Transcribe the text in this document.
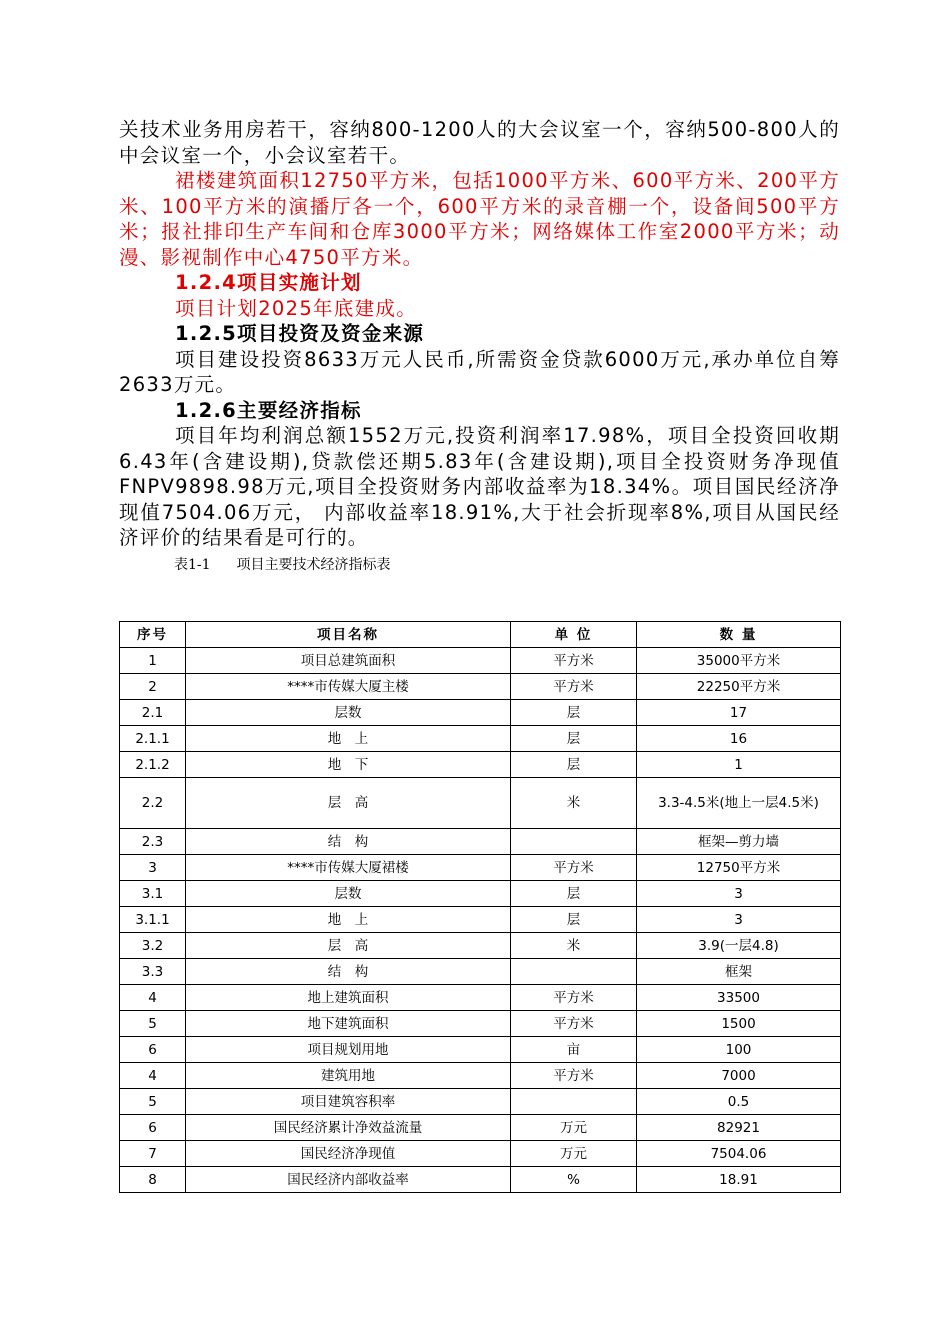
关技术业务用房若干，容纳800-1200人的大会议室一个，容纳500-800人的中会议室一个，小会议室若干。

裙楼建筑面积12750平方米，包括1000平方米、600平方米、200平方米、100平方米的演播厅各一个，600平方米的录音棚一个，设备间500平方米；报社排印生产车间和仓库3000平方米；网络媒体工作室2000平方米；动漫、影视制作中心4750平方米。

1.2.4项目实施计划

项目计划2025年底建成。

1.2.5项目投资及资金来源

项目建设投资8633万元人民币,所需资金贷款6000万元,承办单位自筹2633万元。

1.2.6主要经济指标

项目年均利润总额1552万元,投资利润率17.98%，项目全投资回收期6.43年(含建设期),贷款偿还期5.83年(含建设期),项目全投资财务净现值FNPV9898.98万元,项目全投资财务内部收益率为18.34%。项目国民经济净现值7504.06万元， 内部收益率18.91%,大于社会折现率8%,项目从国民经济评价的结果看是可行的。

表1-1 项目主要技术经济指标表

序号	项目名称	单 位	数 量
1	项目总建筑面积	平方米	35000平方米
2	****市传媒大厦主楼	平方米	22250平方米
2.1	层数	层	17
2.1.1	地　上	层	16
2.1.2	地　下	层	1
2.2	层　高	米	3.3-4.5米(地上一层4.5米)
2.3	结　构		框架—剪力墙
3	****市传媒大厦裙楼	平方米	12750平方米
3.1	层数	层	3
3.1.1	地　上	层	3
3.2	层　高	米	3.9(一层4.8)
3.3	结　构		框架
4	地上建筑面积	平方米	33500
5	地下建筑面积	平方米	1500
6	项目规划用地	亩	100
4	建筑用地	平方米	7000
5	项目建筑容积率		0.5
6	国民经济累计净效益流量	万元	82921
7	国民经济净现值	万元	7504.06
8	国民经济内部收益率	%	18.91
